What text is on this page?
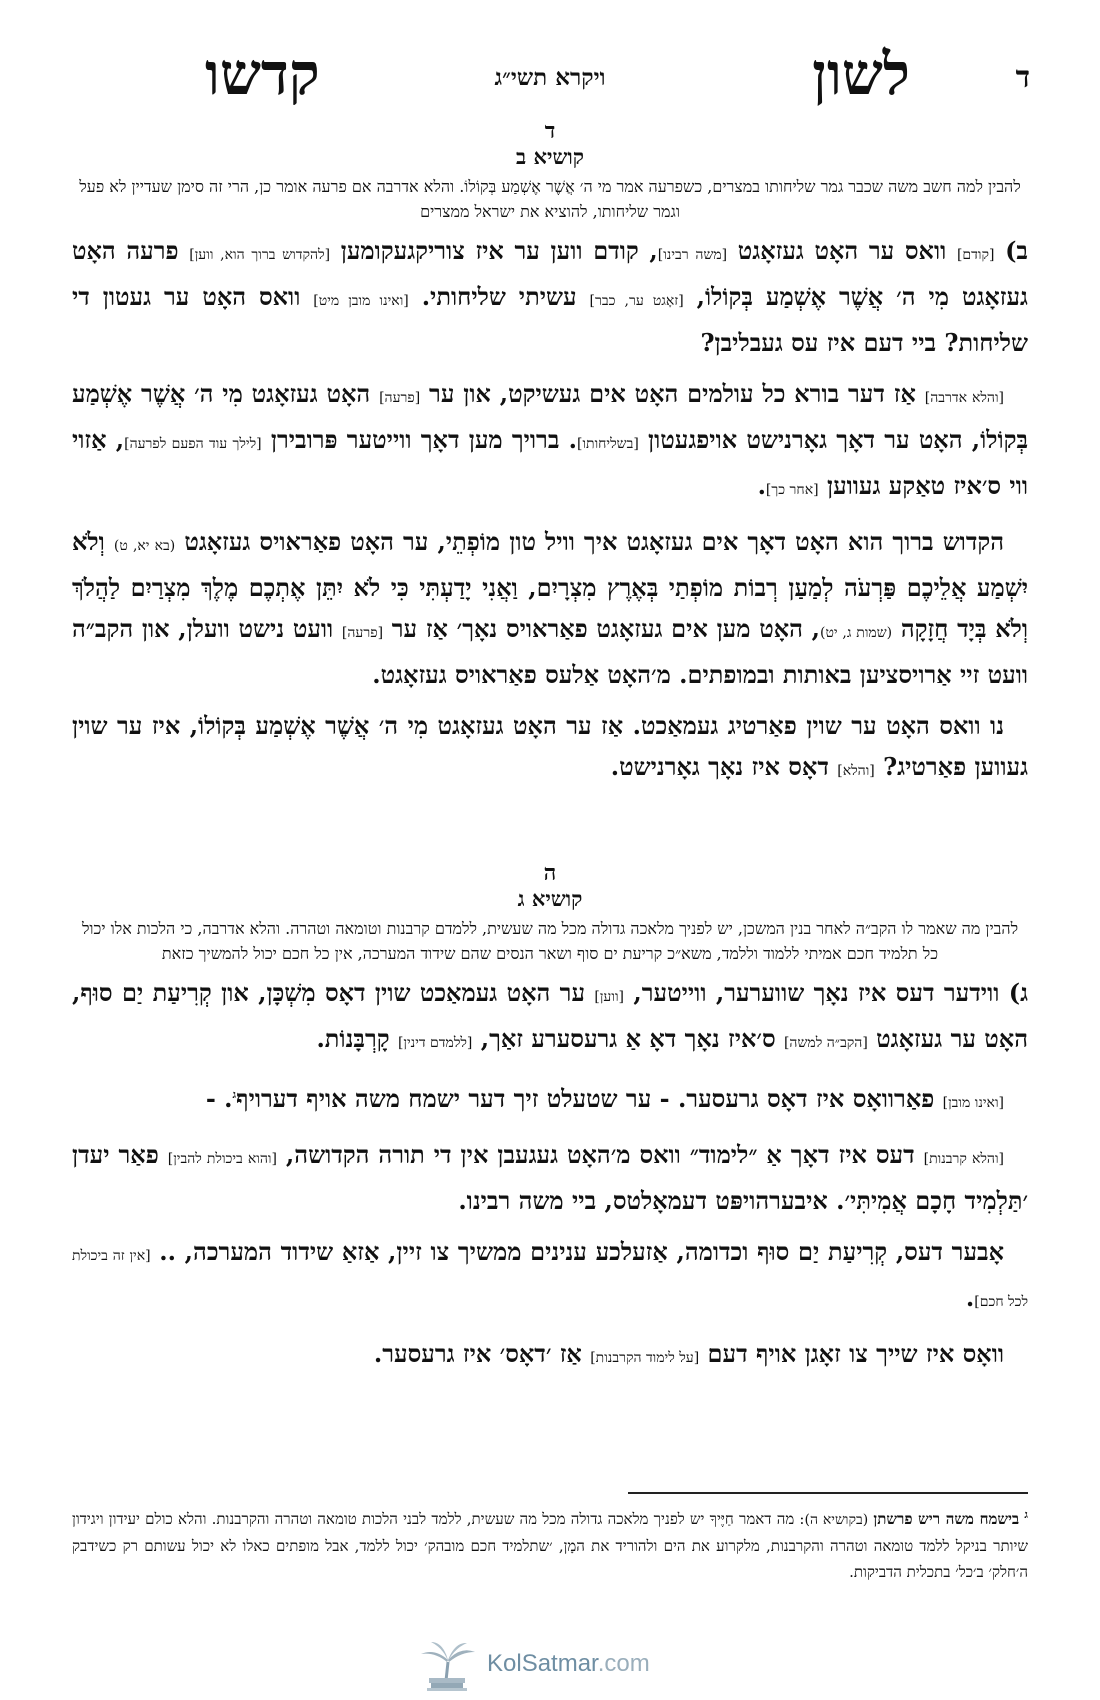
ד
לשון
ויקרא תשי״ג
קדשו
ד
קושיא ב
להבין למה חשב משה שכבר גמר שליחותו במצרים, כשפרעה אמר מי ה׳ אֲשֶׁר אֶשְׁמַע בְּקוֹלוֹ. והלא אדרבה אם פרעה אומר כן, הרי זה סימן שעדיין לא פעל וגמר שליחותו, להוציא את ישראל ממצרים

ב) [קודם] וואס ער האָט געזאָגט [משה רבינו], קודם ווען ער איז צוריקגעקומען [להקדוש ברוך הוא, ווען] פרעה האָט געזאָגט מִי ה׳ אֲשֶׁר אֶשְׁמַע בְּקוֹלוֹ, [זאָגט ער, כבר] עשיתי שליחותי. [ואינו מובן מיט] וואס האָט ער געטון די שליחות? ביי דעם איז עס געבליבן?

[והלא אדרבה] אַז דער בורא כל עולמים האָט אים געשיקט, און ער [פרעה] האָט געזאָגט מִי ה׳ אֲשֶׁר אֶשְׁמַע בְּקוֹלוֹ, האָט ער דאָך גאָרנישט אויפגעטון [בשליחותו]. ברויך מען דאָך ווייטער פּרובירן [לילך עוד הפעם לפרעה], אַזוי ווי ס׳איז טאַקע געווען [אחר כך].

הקדוש ברוך הוא האָט דאָך אים געזאָגט איך וויל טון מוֹפְתֵי, ער האָט פאַראויס געזאָגט (בא יא, ט) וְלֹא יִשְׁמַע אֲלֵיכֶם פַּרְעֹה לְמַעַן רְבוֹת מוֹפְתַי בְּאֶרֶץ מִצְרָיִם, וַאֲנִי יָדַעְתִּי כִּי לֹא יִתֵּן אֶתְכֶם מֶלֶךְ מִצְרַיִם לַהֲלֹךְ וְלֹא בְּיָד חֲזָקָה (שמות ג, יט), האָט מען אים געזאָגט פאַראויס נאָך׳ אַז ער [פרעה] וועט נישט וועלן, און הקב״ה וועט זיי אַרויסציען באותות ובמופתים. מ׳האָט אַלעס פאַראויס געזאָגט.

נו וואס האָט ער שוין פאַרטיג געמאַכט. אַז ער האָט געזאָגט מִי ה׳ אֲשֶׁר אֶשְׁמַע בְּקוֹלוֹ, איז ער שוין געווען פאַרטיג? [והלא] דאָס איז נאָך גאָרנישט.

ה
קושיא ג
להבין מה שאמר לו הקב״ה לאחר בנין המשכן, יש לפניך מלאכה גדולה מכל מה שעשית, ללמדם קרבנות וטומאה וטהרה. והלא אדרבה, כי הלכות אלו יכול כל תלמיד חכם אמיתי ללמוד וללמד, משא״כ קריעת ים סוף ושאר הנסים שהם שידוד המערכה, אין כל חכם יכול להמשיך כזאת

ג) ווידער דעס איז נאָך שווערער, ווייטער, [ווען] ער האָט געמאַכט שוין דאָס מִשְׁכָּן, און קְרִיעַת יַם סוּף, האָט ער געזאָגט [הקב״ה למשה] ס׳איז נאָך דאָ אַ גרעסערע זאַך, [ללמדם דינין] קָרְבָּנוֹת.

[ואינו מובן] פאַרוואָס איז דאָס גרעסער. - ער שטעלט זיך דער ישמח משה אויף דערויף$^ג$. -

[והלא קרבנות] דעס איז דאָך אַ ״לימוד״ וואס מ׳האָט געגעבן אין די תורה הקדושה, [והוא ביכולת להבין] פאַר יעדן ׳תַּלְמִיד חָכָם אֲמִיתִּי׳. איבערהויפּט דעמאָלטס, ביי משה רבינו.

אָבער דעס, קְרִיעַת יַם סוּף וכדומה, אַזעלכע ענינים ממשיך צו זיין, אַזאַ שידוד המערכה, .. [אין זה ביכולת לכל חכם].

וואָס איז שייך צו זאָגן אויף דעם [על לימוד הקרבנות] אַז ׳דאָס׳ איז גרעסער.

$^ג$ בישמח משה ריש פרשתן (בקושיא ה): מה דאמר חַיֶּיךָ יש לפניך מלאכה גדולה מכל מה שעשית, ללמד לבני הלכות טומאה וטהרה והקרבנות. והלא כולם יעידון ויגידון שיותר בניקל ללמד טומאה וטהרה והקרבנות, מלקרוע את הים ולהוריד את המָן, ׳שתלמיד חכם מובהק׳ יכול ללמד, אבל מופתים כאלו לא יכול עשותם רק כשידבק ה׳חלק׳ ב׳כל׳ בתכלית הדביקות.
KolSatmar.com
